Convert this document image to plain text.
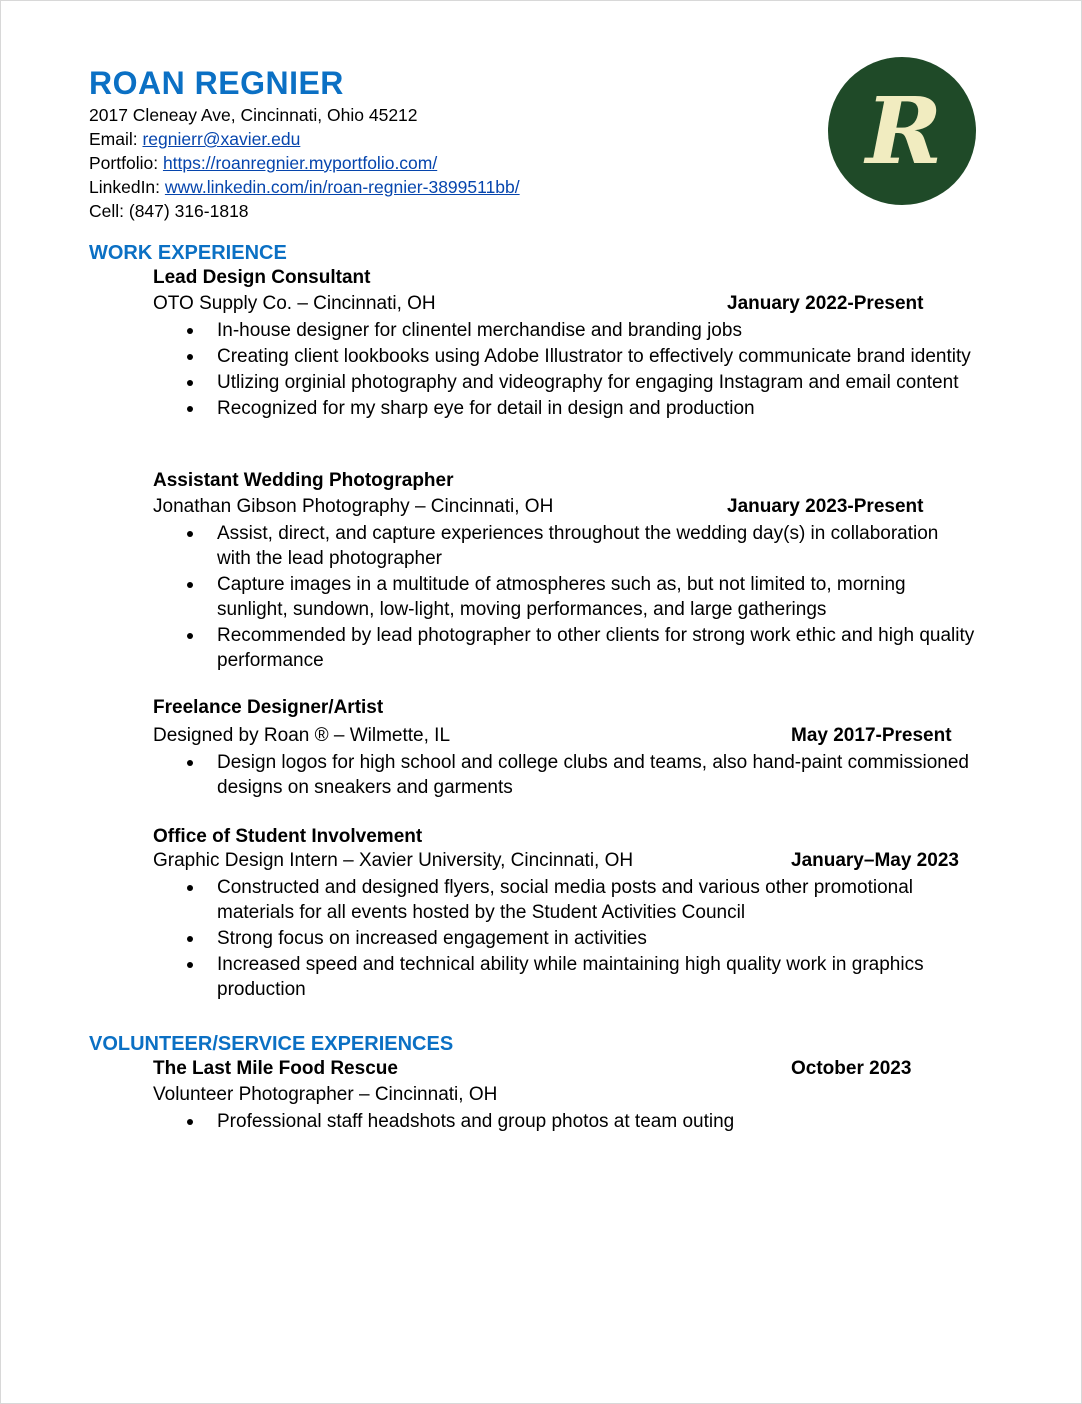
ROAN REGNIER
2017 Cleneay Ave, Cincinnati, Ohio 45212
Email: regnierr@xavier.edu
Portfolio: https://roanregnier.myportfolio.com/
LinkedIn: www.linkedin.com/in/roan-regnier-3899511bb/
Cell: (847) 316-1818
R
WORK EXPERIENCE
Lead Design Consultant
OTO Supply Co. – Cincinnati, OH	January 2022-Present
In-house designer for clinentel merchandise and branding jobs
Creating client lookbooks using Adobe Illustrator to effectively communicate brand identity
Utlizing orginial photography and videography for engaging Instagram and email content
Recognized for my sharp eye for detail in design and production
Assistant Wedding Photographer
Jonathan Gibson Photography – Cincinnati, OH	January 2023-Present
Assist, direct, and capture experiences throughout the wedding day(s) in collaboration with the lead photographer
Capture images in a multitude of atmospheres such as, but not limited to, morning sunlight, sundown, low-light, moving performances, and large gatherings
Recommended by lead photographer to other clients for strong work ethic and high quality performance
Freelance Designer/Artist
Designed by Roan ® – Wilmette, IL	May 2017-Present
Design logos for high school and college clubs and teams, also hand-paint commissioned designs on sneakers and garments
Office of Student Involvement
Graphic Design Intern – Xavier University, Cincinnati, OH	January–May 2023
Constructed and designed flyers, social media posts and various other promotional materials for all events hosted by the Student Activities Council
Strong focus on increased engagement in activities
Increased speed and technical ability while maintaining high quality work in graphics production
VOLUNTEER/SERVICE EXPERIENCES
The Last Mile Food Rescue	October 2023
Volunteer Photographer – Cincinnati, OH
Professional staff headshots and group photos at team outing
